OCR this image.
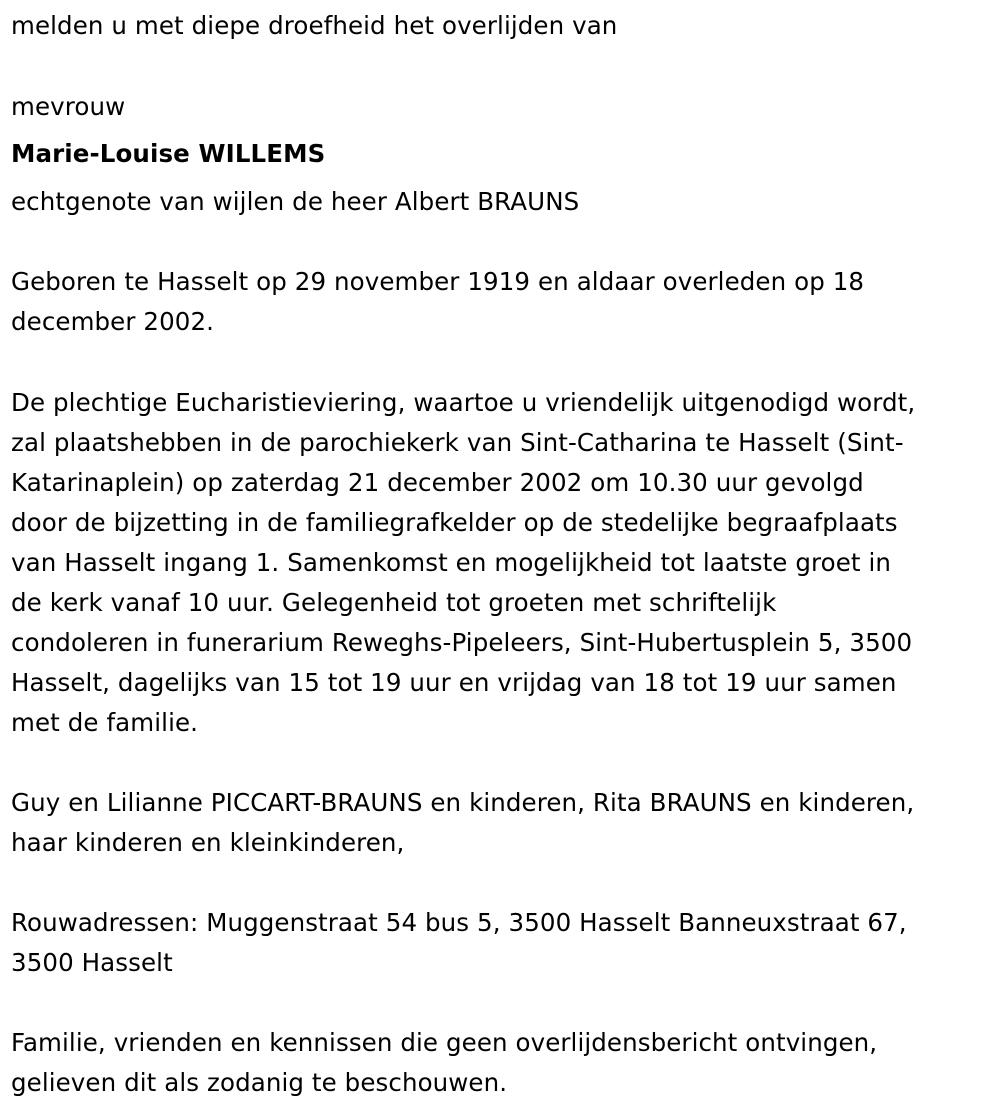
melden u met diepe droefheid het overlijden van

mevrouw

Marie-Louise WILLEMS

echtgenote van wijlen de heer Albert BRAUNS

Geboren te Hasselt op 29 november 1919 en aldaar overleden op 18
december 2002.
De plechtige Eucharistieviering, waartoe u vriendelijk uitgenodigd wordt,
zal plaatshebben in de parochiekerk van Sint-Catharina te Hasselt (Sint-
Katarinaplein) op zaterdag 21 december 2002 om 10.30 uur gevolgd
door de bijzetting in de familiegrafkelder op de stedelijke begraafplaats
van Hasselt ingang 1. Samenkomst en mogelijkheid tot laatste groet in
de kerk vanaf 10 uur. Gelegenheid tot groeten met schriftelijk
condoleren in funerarium Reweghs-Pipeleers, Sint-Hubertusplein 5, 3500
Hasselt, dagelijks van 15 tot 19 uur en vrijdag van 18 tot 19 uur samen
met de familie.
Guy en Lilianne PICCART-BRAUNS en kinderen, Rita BRAUNS en kinderen,
haar kinderen en kleinkinderen,
Rouwadressen: Muggenstraat 54 bus 5, 3500 Hasselt Banneuxstraat 67,
3500 Hasselt
Familie, vrienden en kennissen die geen overlijdensbericht ontvingen,
gelieven dit als zodanig te beschouwen.
